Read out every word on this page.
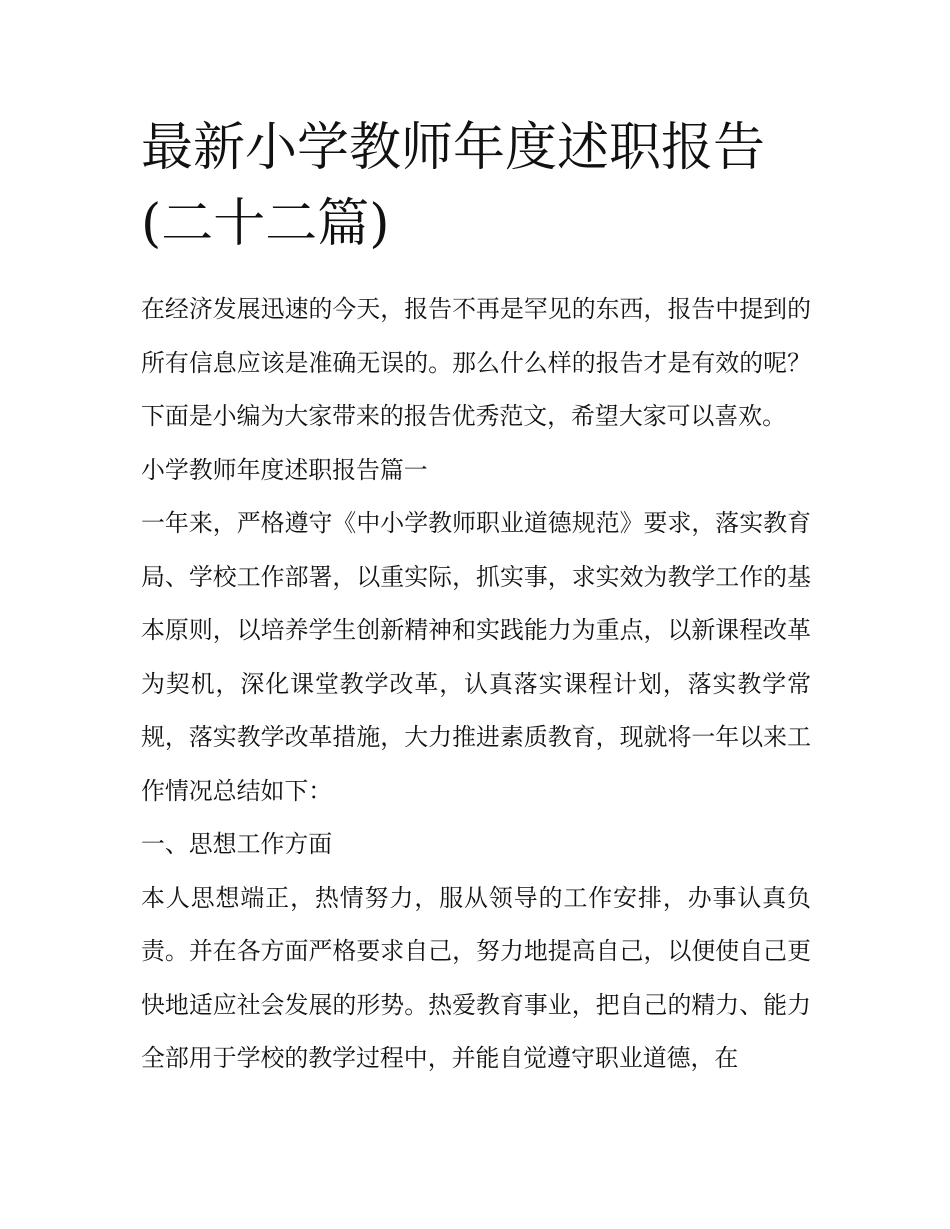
最新小学教师年度述职报告(二十二篇)

在经济发展迅速的今天，报告不再是罕见的东西，报告中提到的所有信息应该是准确无误的。那么什么样的报告才是有效的呢？下面是小编为大家带来的报告优秀范文，希望大家可以喜欢。

小学教师年度述职报告篇一

一年来，严格遵守《中小学教师职业道德规范》要求，落实教育局、学校工作部署，以重实际，抓实事，求实效为教学工作的基本原则，以培养学生创新精神和实践能力为重点，以新课程改革为契机，深化课堂教学改革，认真落实课程计划，落实教学常规，落实教学改革措施，大力推进素质教育，现就将一年以来工作情况总结如下：

一、思想工作方面

本人思想端正，热情努力，服从领导的工作安排，办事认真负责。并在各方面严格要求自己，努力地提高自己，以便使自己更快地适应社会发展的形势。热爱教育事业，把自己的精力、能力全部用于学校的教学过程中，并能自觉遵守职业道德，在
